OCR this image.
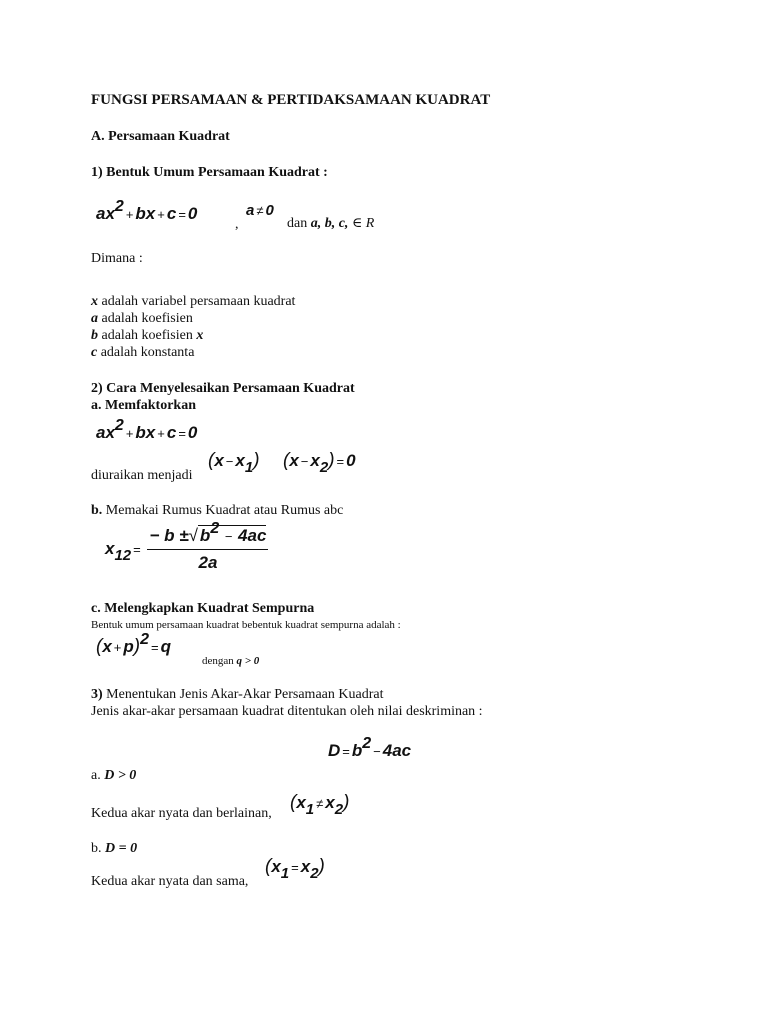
FUNGSI PERSAMAAN & PERTIDAKSAMAAN KUADRAT
A. Persamaan Kuadrat
1) Bentuk Umum Persamaan Kuadrat :
ax2 + bx + c = 0
,
a ≠ 0
dan a, b, c, ∈ R
Dimana :
x adalah variabel persamaan kuadrat
a adalah koefisien
b adalah koefisien x
c adalah konstanta
2) Cara Menyelesaikan Persamaan Kuadrat
a. Memfaktorkan
ax2 + bx + c = 0
diuraikan menjadi
(x − x1) (x − x2) = 0
b. Memakai Rumus Kuadrat atau Rumus abc
$x12 = \frac{- b \pm√ b2 - 4ac}{2a}$
c. Melengkapkan Kuadrat Sempurna
Bentuk umum persamaan kuadrat bebentuk kuadrat sempurna adalah :
(x + p)2 = q
dengan q > 0
3) Menentukan Jenis Akar-Akar Persamaan Kuadrat
Jenis akar-akar persamaan kuadrat ditentukan oleh nilai deskriminan :
D = b2 − 4ac
a. D > 0
Kedua akar nyata dan berlainan,
(x1 ≠ x2)
b. D = 0
Kedua akar nyata dan sama,
(x1 = x2)
